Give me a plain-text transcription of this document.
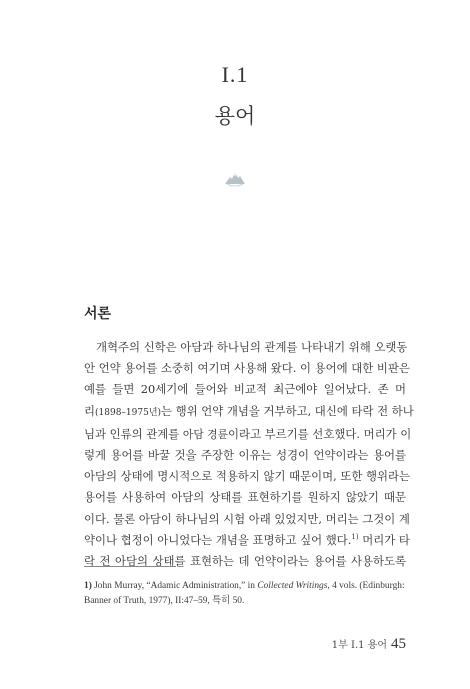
I.1
용어
서론
개혁주의 신학은 아담과 하나님의 관계를 나타내기 위해 오랫동
안 언약 용어를 소중히 여기며 사용해 왔다. 이 용어에 대한 비판은
예를 들면 20세기에 들어와 비교적 최근에야 일어났다. 존 머
리(1898–1975년)는 행위 언약 개념을 거부하고, 대신에 타락 전 하나
님과 인류의 관계를 아담 경륜이라고 부르기를 선호했다. 머리가 이
렇게 용어를 바꿀 것을 주장한 이유는 성경이 언약이라는 용어를
아담의 상태에 명시적으로 적용하지 않기 때문이며, 또한 행위라는
용어를 사용하여 아담의 상태를 표현하기를 원하지 않았기 때문
이다. 물론 아담이 하나님의 시험 아래 있었지만, 머리는 그것이 계
약이나 협정이 아니었다는 개념을 표명하고 싶어 했다.$^{1)}$ 머리가 타
락 전 아담의 상태를 표현하는 데 언약이라는 용어를 사용하도록
1) John Murray, “Adamic Administration,” in Collected Writings, 4 vols. (Edinburgh:
Banner of Truth, 1977), II:47–59, 특히 50.
1부 I.1 용어 45
